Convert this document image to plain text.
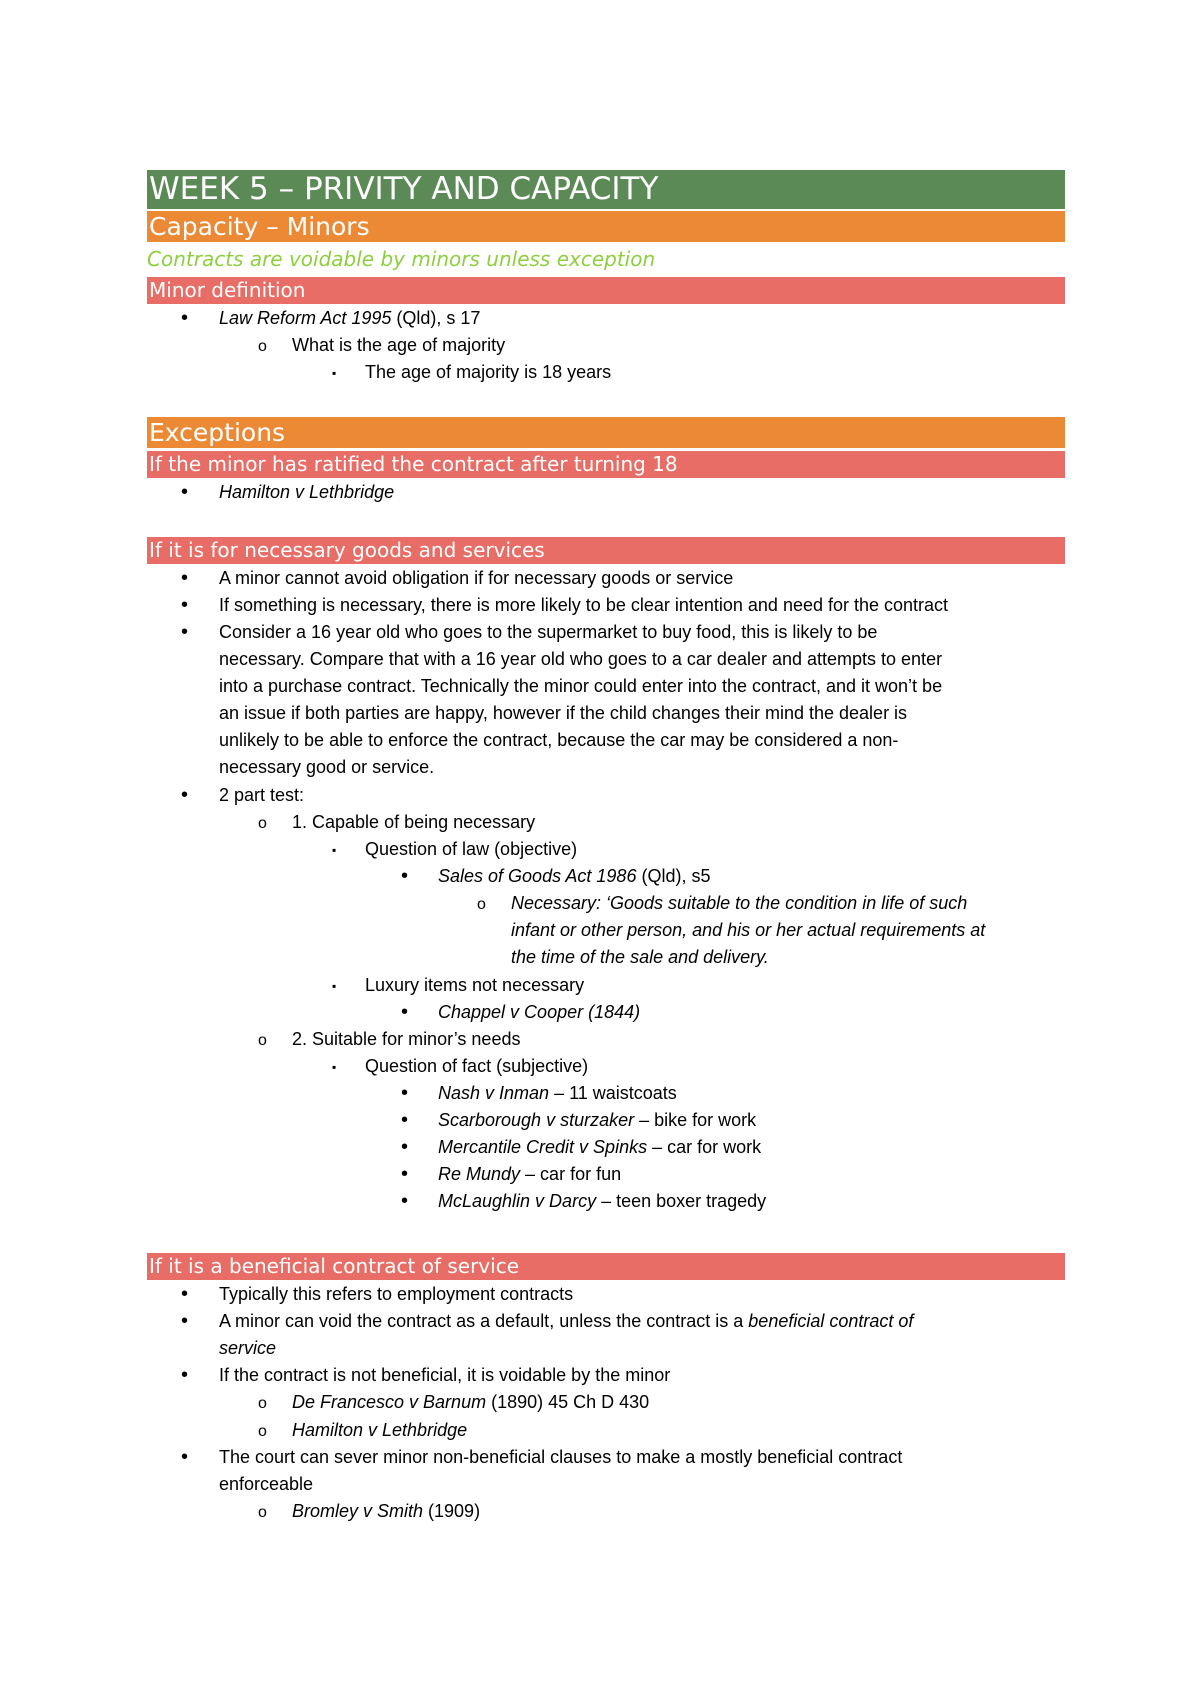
WEEK 5 – PRIVITY AND CAPACITY
Capacity – Minors
Contracts are voidable by minors unless exception
Minor definition
• Law Reform Act 1995 (Qld), s 17
o What is the age of majority
▪ The age of majority is 18 years
Exceptions
If the minor has ratified the contract after turning 18
• Hamilton v Lethbridge
If it is for necessary goods and services
• A minor cannot avoid obligation if for necessary goods or service
• If something is necessary, there is more likely to be clear intention and need for the contract
• Consider a 16 year old who goes to the supermarket to buy food, this is likely to be
necessary. Compare that with a 16 year old who goes to a car dealer and attempts to enter
into a purchase contract. Technically the minor could enter into the contract, and it won’t be
an issue if both parties are happy, however if the child changes their mind the dealer is
unlikely to be able to enforce the contract, because the car may be considered a non-
necessary good or service.
• 2 part test:
o 1. Capable of being necessary
▪ Question of law (objective)
• Sales of Goods Act 1986 (Qld), s5
o Necessary: ‘Goods suitable to the condition in life of such
infant or other person, and his or her actual requirements at
the time of the sale and delivery.
▪ Luxury items not necessary
• Chappel v Cooper (1844)
o 2. Suitable for minor’s needs
▪ Question of fact (subjective)
• Nash v Inman – 11 waistcoats
• Scarborough v sturzaker – bike for work
• Mercantile Credit v Spinks – car for work
• Re Mundy – car for fun
• McLaughlin v Darcy – teen boxer tragedy
If it is a beneficial contract of service
• Typically this refers to employment contracts
• A minor can void the contract as a default, unless the contract is a beneficial contract of
service
• If the contract is not beneficial, it is voidable by the minor
o De Francesco v Barnum (1890) 45 Ch D 430
o Hamilton v Lethbridge
• The court can sever minor non-beneficial clauses to make a mostly beneficial contract
enforceable
o Bromley v Smith (1909)
